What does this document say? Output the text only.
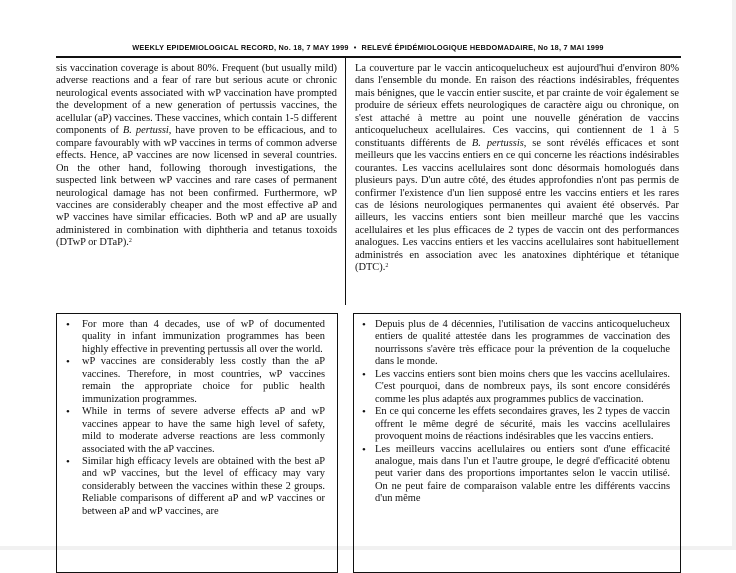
WEEKLY EPIDEMIOLOGICAL RECORD, No. 18, 7 MAY 1999 • RELEVÉ ÉPIDÉMIOLOGIQUE HEBDOMADAIRE, No 18, 7 MAI 1999

sis vaccination coverage is about 80%. Frequent (but usually mild) adverse reactions and a fear of rare but serious acute or chronic neurological events associated with wP vaccination have prompted the development of a new generation of pertussis vaccines, the acellular (aP) vaccines. These vaccines, which contain 1-5 different components of B. pertussi, have proven to be efficacious, and to compare favourably with wP vaccines in terms of common adverse effects. Hence, aP vaccines are now licensed in several countries. On the other hand, following thorough investigations, the suspected link between wP vaccines and rare cases of permanent neurological damage has not been confirmed. Furthermore, wP vaccines are considerably cheaper and the most effective aP and wP vaccines have similar efficacies. Both wP and aP are usually administered in combination with diphtheria and tetanus toxoids (DTwP or DTaP).$^2$

La couverture par le vaccin anticoquelucheux est aujourd'hui d'environ 80% dans l'ensemble du monde. En raison des réactions indésirables, fréquentes mais bénignes, que le vaccin entier suscite, et par crainte de voir également se produire de sérieux effets neurologiques de caractère aigu ou chronique, on s'est attaché à mettre au point une nouvelle génération de vaccins anticoquelucheux acellulaires. Ces vaccins, qui contiennent de 1 à 5 constituants différents de B. pertussis, se sont révélés efficaces et sont meilleurs que les vaccins entiers en ce qui concerne les réactions indésirables courantes. Les vaccins acellulaires sont donc désormais homologués dans plusieurs pays. D'un autre côté, des études approfondies n'ont pas permis de confirmer l'existence d'un lien supposé entre les vaccins entiers et les rares cas de lésions neurologiques permanentes qui avaient été observés. Par ailleurs, les vaccins entiers sont bien meilleur marché que les vaccins acellulaires et les plus efficaces de 2 types de vaccin ont des performances analogues. Les vaccins entiers et les vaccins acellulaires sont habituellement administrés en association avec les anatoxines diphtérique et tétanique (DTC).$^2$

• For more than 4 decades, use of wP of documented quality in infant immunization programmes has been highly effective in preventing pertussis all over the world.
• wP vaccines are considerably less costly than the aP vaccines. Therefore, in most countries, wP vaccines remain the appropriate choice for public health immunization programmes.
• While in terms of severe adverse effects aP and wP vaccines appear to have the same high level of safety, mild to moderate adverse reactions are less commonly associated with the aP vaccines.
• Similar high efficacy levels are obtained with the best aP and wP vaccines, but the level of efficacy may vary considerably between the vaccines within these 2 groups. Reliable comparisons of different aP and wP vaccines or between aP and wP vaccines, are
• Depuis plus de 4 décennies, l'utilisation de vaccins anticoquelucheux entiers de qualité attestée dans les programmes de vaccination des nourrissons s'avère très efficace pour la prévention de la coqueluche dans le monde.
• Les vaccins entiers sont bien moins chers que les vaccins acellulaires. C'est pourquoi, dans de nombreux pays, ils sont encore considérés comme les plus adaptés aux programmes publics de vaccination.
• En ce qui concerne les effets secondaires graves, les 2 types de vaccin offrent le même degré de sécurité, mais les vaccins acellulaires provoquent moins de réactions indésirables que les vaccins entiers.
• Les meilleurs vaccins acellulaires ou entiers sont d'une efficacité analogue, mais dans l'un et l'autre groupe, le degré d'efficacité obtenu peut varier dans des proportions importantes selon le vaccin utilisé. On ne peut faire de comparaison valable entre les différents vaccins d'un même
